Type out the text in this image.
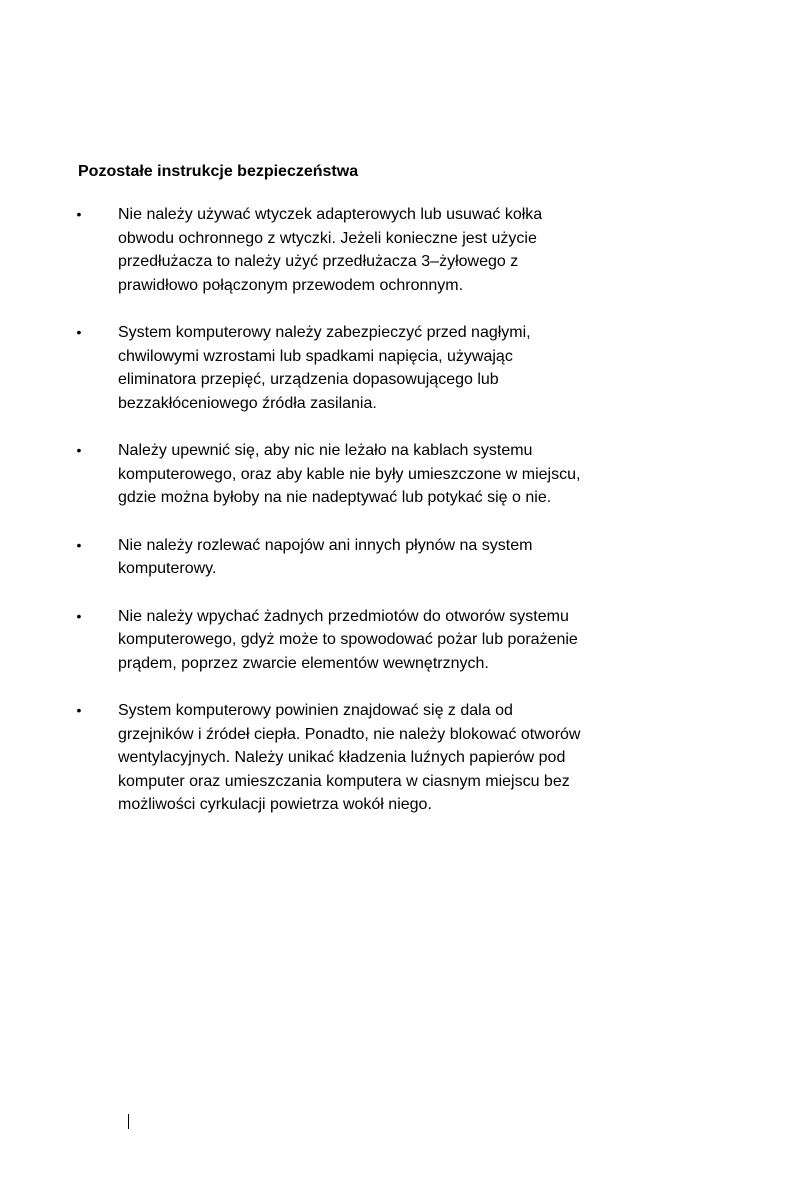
Pozostałe instrukcje bezpieczeństwa
• Nie należy używać wtyczek adapterowych lub usuwać kołka
obwodu ochronnego z wtyczki. Jeżeli konieczne jest użycie
przedłużacza to należy użyć przedłużacza 3–żyłowego z
prawidłowo połączonym przewodem ochronnym.
• System komputerowy należy zabezpieczyć przed nagłymi,
chwilowymi wzrostami lub spadkami napięcia, używając
eliminatora przepięć, urządzenia dopasowującego lub
bezzakłóceniowego źródła zasilania.
• Należy upewnić się, aby nic nie leżało na kablach systemu
komputerowego, oraz aby kable nie były umieszczone w miejscu,
gdzie można byłoby na nie nadeptywać lub potykać się o nie.
• Nie należy rozlewać napojów ani innych płynów na system
komputerowy.
• Nie należy wpychać żadnych przedmiotów do otworów systemu
komputerowego, gdyż może to spowodować pożar lub porażenie
prądem, poprzez zwarcie elementów wewnętrznych.
• System komputerowy powinien znajdować się z dala od
grzejników i źródeł ciepła. Ponadto, nie należy blokować otworów
wentylacyjnych. Należy unikać kładzenia luźnych papierów pod
komputer oraz umieszczania komputera w ciasnym miejscu bez
możliwości cyrkulacji powietrza wokół niego.
